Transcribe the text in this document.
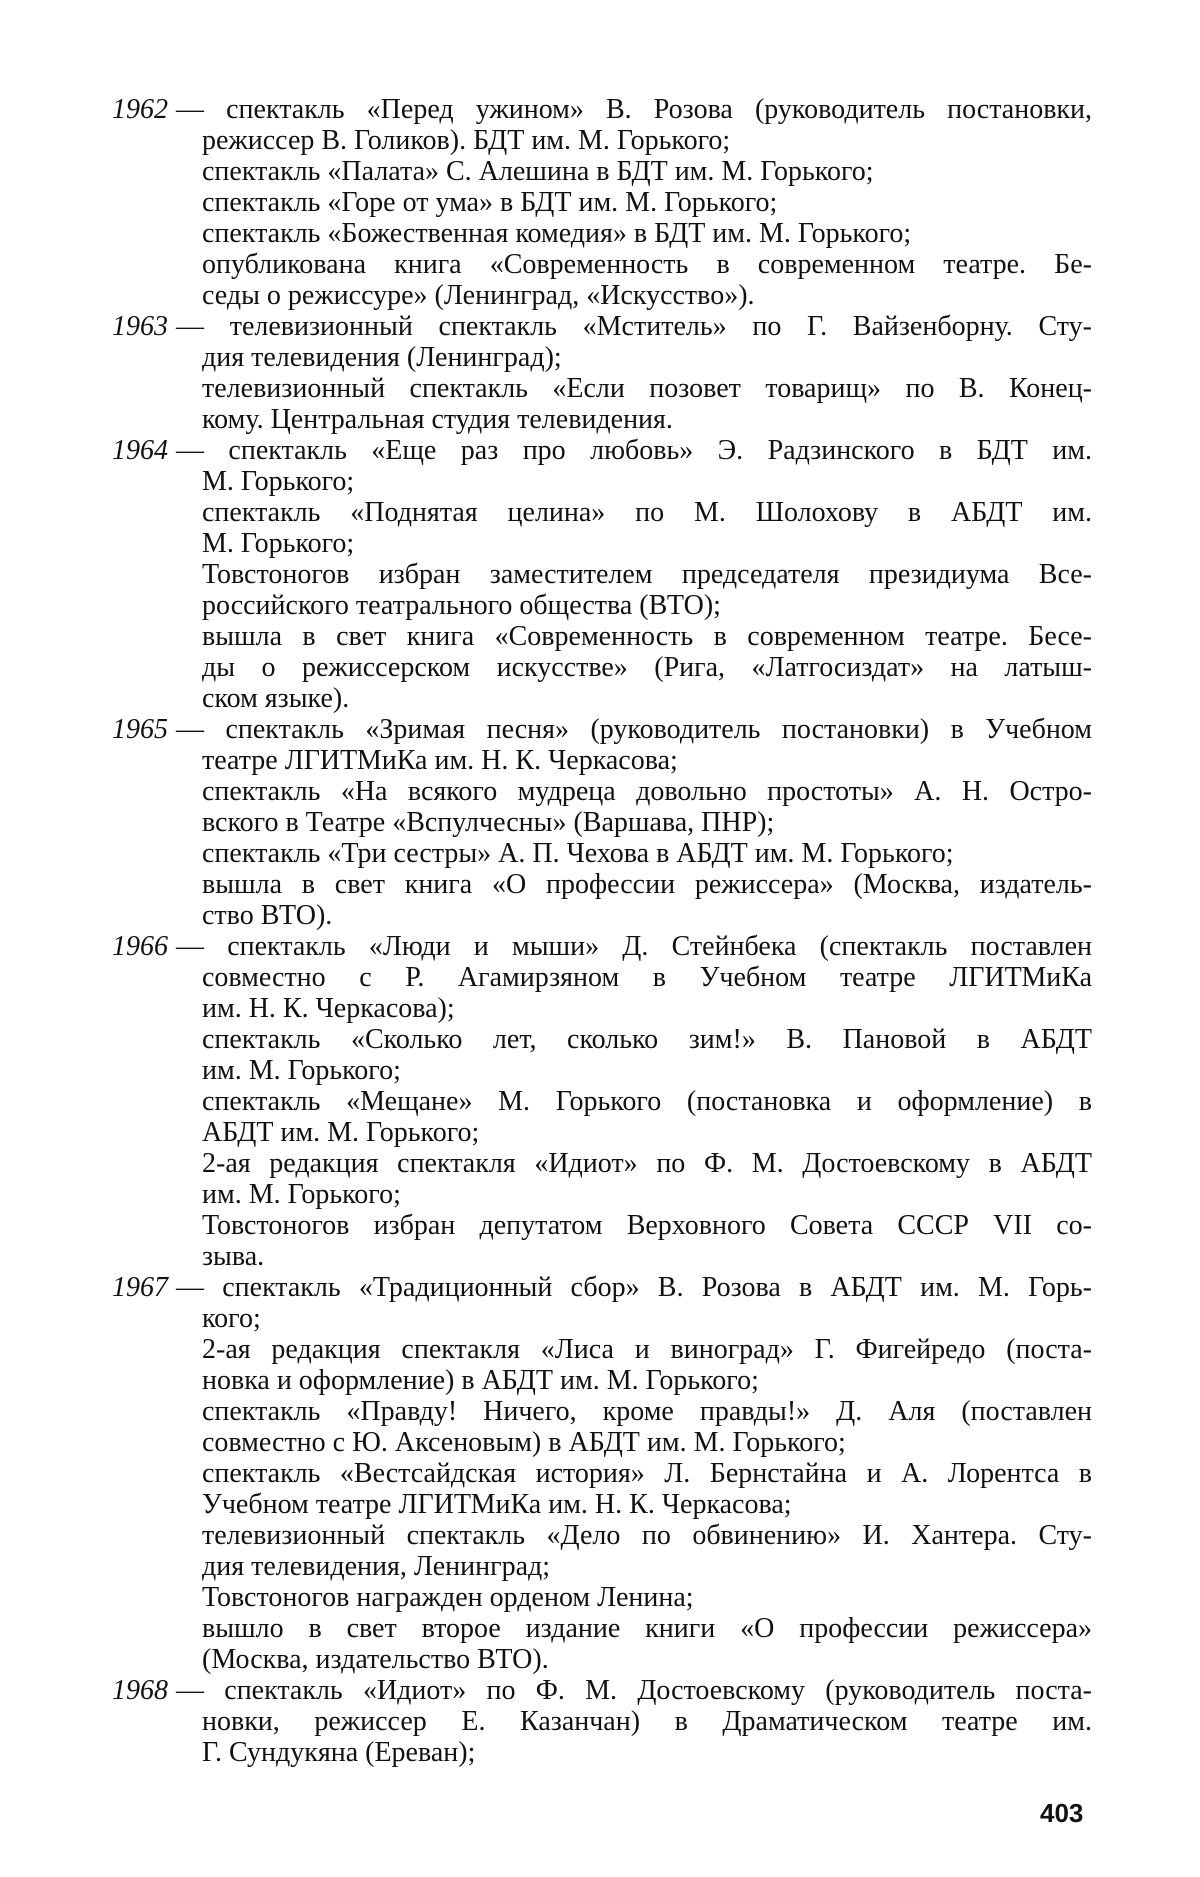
1962 — спектакль «Перед ужином» В. Розова (руководитель постановки,
режиссер В. Голиков). БДТ им. М. Горького;
спектакль «Палата» С. Алешина в БДТ им. М. Горького;
спектакль «Горе от ума» в БДТ им. М. Горького;
спектакль «Божественная комедия» в БДТ им. М. Горького;
опубликована книга «Современность в современном театре. Бе-
седы о режиссуре» (Ленинград, «Искусство»).
1963 — телевизионный спектакль «Мститель» по Г. Вайзенборну. Сту-
дия телевидения (Ленинград);
телевизионный спектакль «Если позовет товарищ» по В. Конец-
кому. Центральная студия телевидения.
1964 — спектакль «Еще раз про любовь» Э. Радзинского в БДТ им.
М. Горького;
спектакль «Поднятая целина» по М. Шолохову в АБДТ им.
М. Горького;
Товстоногов избран заместителем председателя президиума Все-
российского театрального общества (ВТО);
вышла в свет книга «Современность в современном театре. Бесе-
ды о режиссерском искусстве» (Рига, «Латгосиздат» на латыш-
ском языке).
1965 — спектакль «Зримая песня» (руководитель постановки) в Учебном
театре ЛГИТМиКа им. Н. К. Черкасова;
спектакль «На всякого мудреца довольно простоты» А. Н. Остро-
вского в Театре «Вспулчесны» (Варшава, ПНР);
спектакль «Три сестры» А. П. Чехова в АБДТ им. М. Горького;
вышла в свет книга «О профессии режиссера» (Москва, издатель-
ство ВТО).
1966 — спектакль «Люди и мыши» Д. Стейнбека (спектакль поставлен
совместно с Р. Агамирзяном в Учебном театре ЛГИТМиКа
им. Н. К. Черкасова);
спектакль «Сколько лет, сколько зим!» В. Пановой в АБДТ
им. М. Горького;
спектакль «Мещане» М. Горького (постановка и оформление) в
АБДТ им. М. Горького;
2-ая редакция спектакля «Идиот» по Ф. М. Достоевскому в АБДТ
им. М. Горького;
Товстоногов избран депутатом Верховного Совета СССР VII со-
зыва.
1967 — спектакль «Традиционный сбор» В. Розова в АБДТ им. М. Горь-
кого;
2-ая редакция спектакля «Лиса и виноград» Г. Фигейредо (поста-
новка и оформление) в АБДТ им. М. Горького;
спектакль «Правду! Ничего, кроме правды!» Д. Аля (поставлен
совместно с Ю. Аксеновым) в АБДТ им. М. Горького;
спектакль «Вестсайдская история» Л. Бернстайна и А. Лорентса в
Учебном театре ЛГИТМиКа им. Н. К. Черкасова;
телевизионный спектакль «Дело по обвинению» И. Хантера. Сту-
дия телевидения, Ленинград;
Товстоногов награжден орденом Ленина;
вышло в свет второе издание книги «О профессии режиссера»
(Москва, издательство ВТО).
1968 — спектакль «Идиот» по Ф. М. Достоевскому (руководитель поста-
новки, режиссер Е. Казанчан) в Драматическом театре им.
Г. Сундукяна (Ереван);
403
